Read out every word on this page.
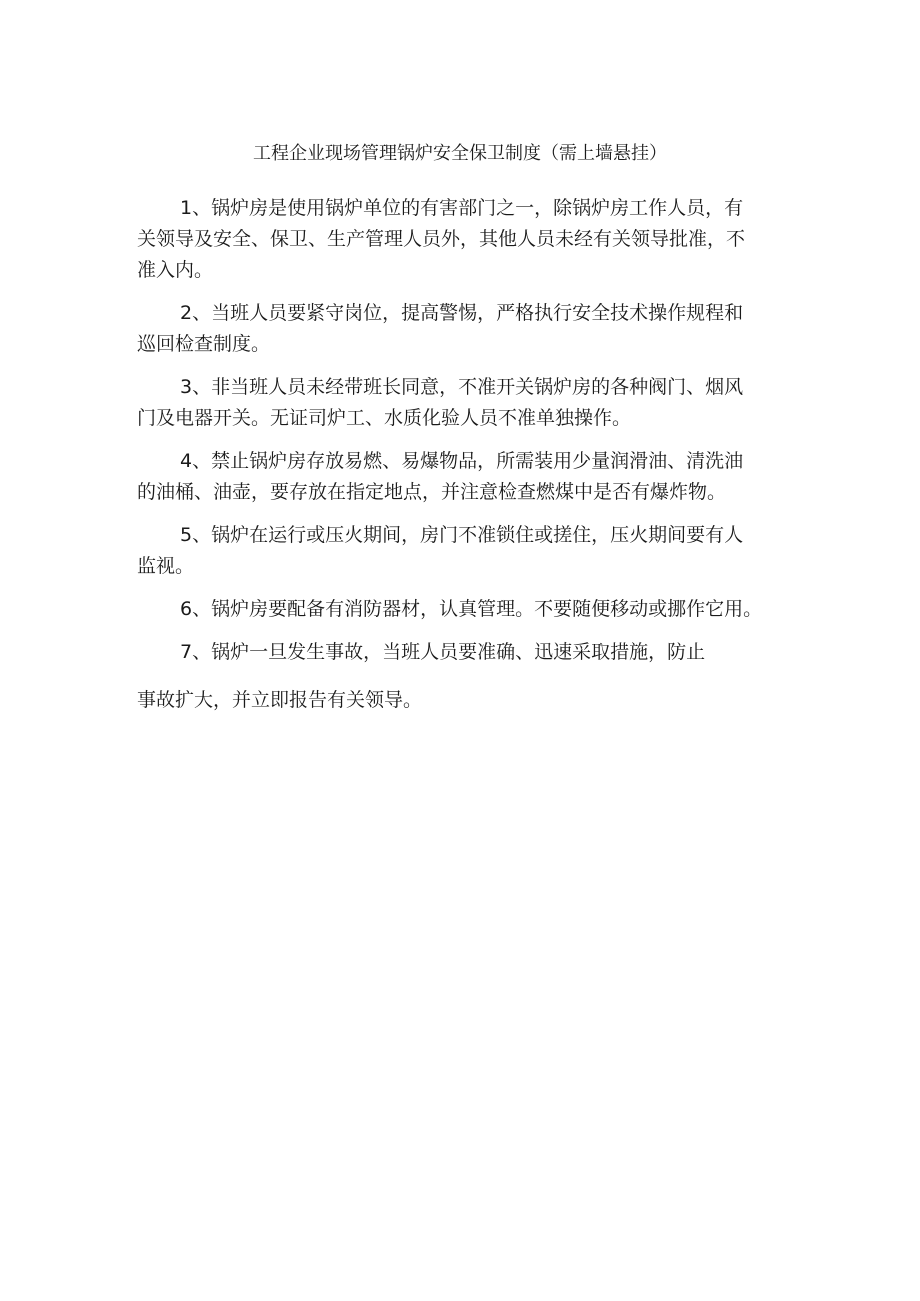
工程企业现场管理锅炉安全保卫制度（需上墙悬挂）
1、锅炉房是使用锅炉单位的有害部门之一，除锅炉房工作人员，有
关领导及安全、保卫、生产管理人员外，其他人员未经有关领导批准，不
准入内。
2、当班人员要紧守岗位，提高警惕，严格执行安全技术操作规程和
巡回检查制度。
3、非当班人员未经带班长同意，不准开关锅炉房的各种阀门、烟风
门及电器开关。无证司炉工、水质化验人员不准单独操作。
4、禁止锅炉房存放易燃、易爆物品，所需装用少量润滑油、清洗油
的油桶、油壶，要存放在指定地点，并注意检查燃煤中是否有爆炸物。
5、锅炉在运行或压火期间，房门不准锁住或搓住，压火期间要有人
监视。
6、锅炉房要配备有消防器材，认真管理。不要随便移动或挪作它用。
7、锅炉一旦发生事故，当班人员要准确、迅速采取措施，防止
事故扩大，并立即报告有关领导。
